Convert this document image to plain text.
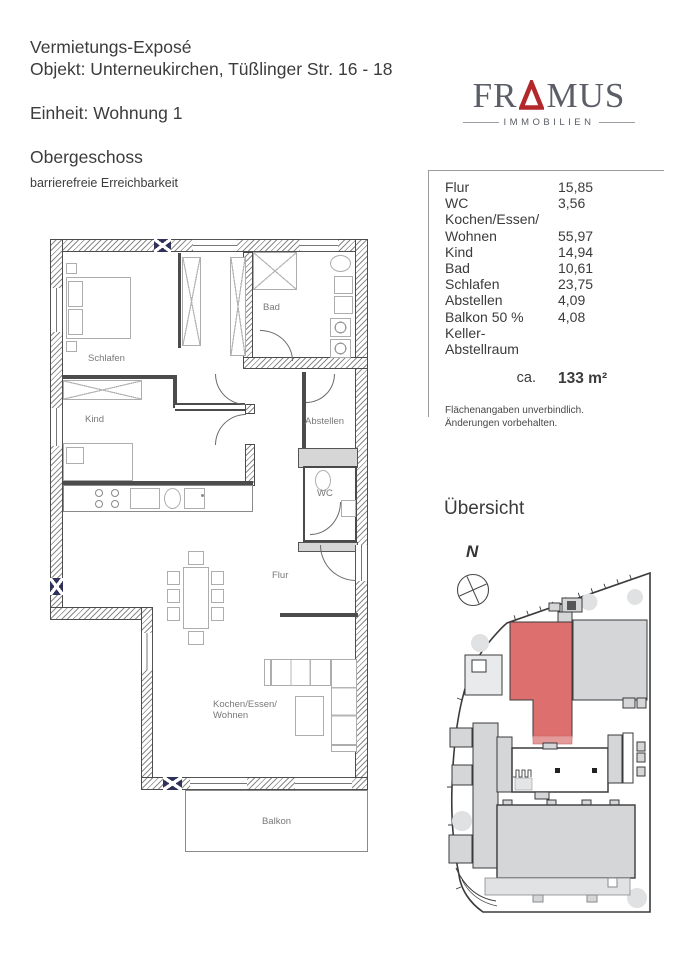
Vermietungs-Exposé
Objekt: Unterneukirchen, Tüßlinger Str. 16 - 18
Einheit: Wohnung 1
Obergeschoss
barrierefreie Erreichbarkeit
FR MUS
IMMOBILIEN
Flur	15,85
WC	3,56
Kochen/Essen/
Wohnen	55,97
Kind	14,94
Bad	10,61
Schlafen	23,75
Abstellen	4,09
Balkon 50 %	4,08
Keller-Abstellraum
ca.	133 m²
Flächenangaben unverbindlich.
Änderungen vorbehalten.
Balkon
Schlafen
Kind
Bad
Abstellen
WC
Flur
Kochen/Essen/
Wohnen
Übersicht
N
